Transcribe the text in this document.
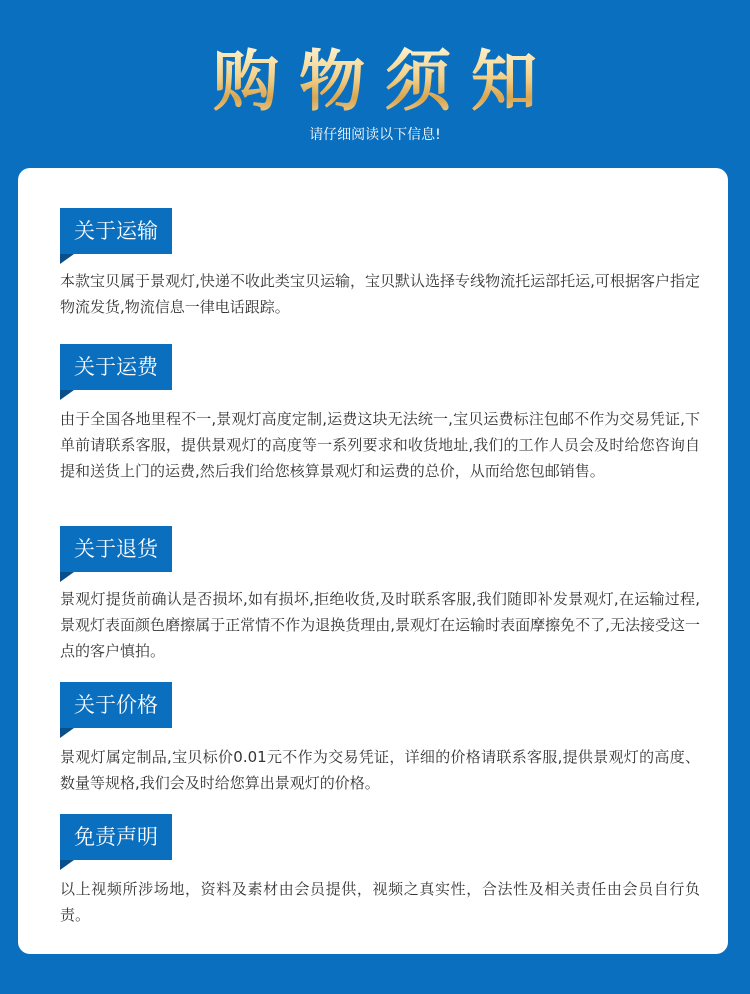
购物须知
请仔细阅读以下信息!
关于运输
本款宝贝属于景观灯,快递不收此类宝贝运输，宝贝默认选择专线物流托运部托运,可根据客户指定物流发货,物流信息一律电话跟踪。
关于运费
由于全国各地里程不一,景观灯高度定制,运费这块无法统一,宝贝运费标注包邮不作为交易凭证,下单前请联系客服，提供景观灯的高度等一系列要求和收货地址,我们的工作人员会及时给您咨询自提和送货上门的运费,然后我们给您核算景观灯和运费的总价，从而给您包邮销售。
关于退货
景观灯提货前确认是否损坏,如有损坏,拒绝收货,及时联系客服,我们随即补发景观灯,在运输过程,景观灯表面颜色磨擦属于正常情不作为退换货理由,景观灯在运输时表面摩擦免不了,无法接受这一点的客户慎拍。
关于价格
景观灯属定制品,宝贝标价0.01元不作为交易凭证，详细的价格请联系客服,提供景观灯的高度、数量等规格,我们会及时给您算出景观灯的价格。
免责声明
以上视频所涉场地，资料及素材由会员提供，视频之真实性，合法性及相关责任由会员自行负责。
